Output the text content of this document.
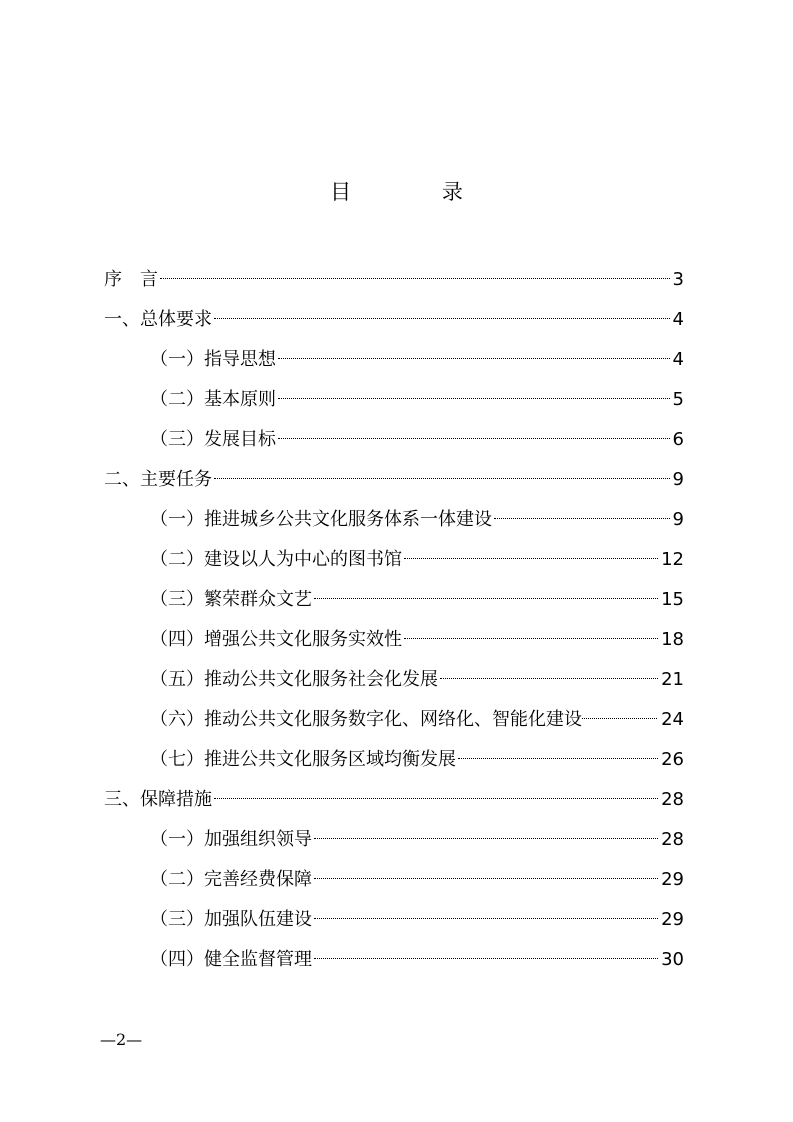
目 录
序　言	3
一、总体要求	4
（一）指导思想	4
（二）基本原则	5
（三）发展目标	6
二、主要任务	9
（一）推进城乡公共文化服务体系一体建设	9
（二）建设以人为中心的图书馆	12
（三）繁荣群众文艺	15
（四）增强公共文化服务实效性	18
（五）推动公共文化服务社会化发展	21
（六）推动公共文化服务数字化、网络化、智能化建设	24
（七）推进公共文化服务区域均衡发展	26
三、保障措施	28
（一）加强组织领导	28
（二）完善经费保障	29
（三）加强队伍建设	29
（四）健全监督管理	30
—2—
